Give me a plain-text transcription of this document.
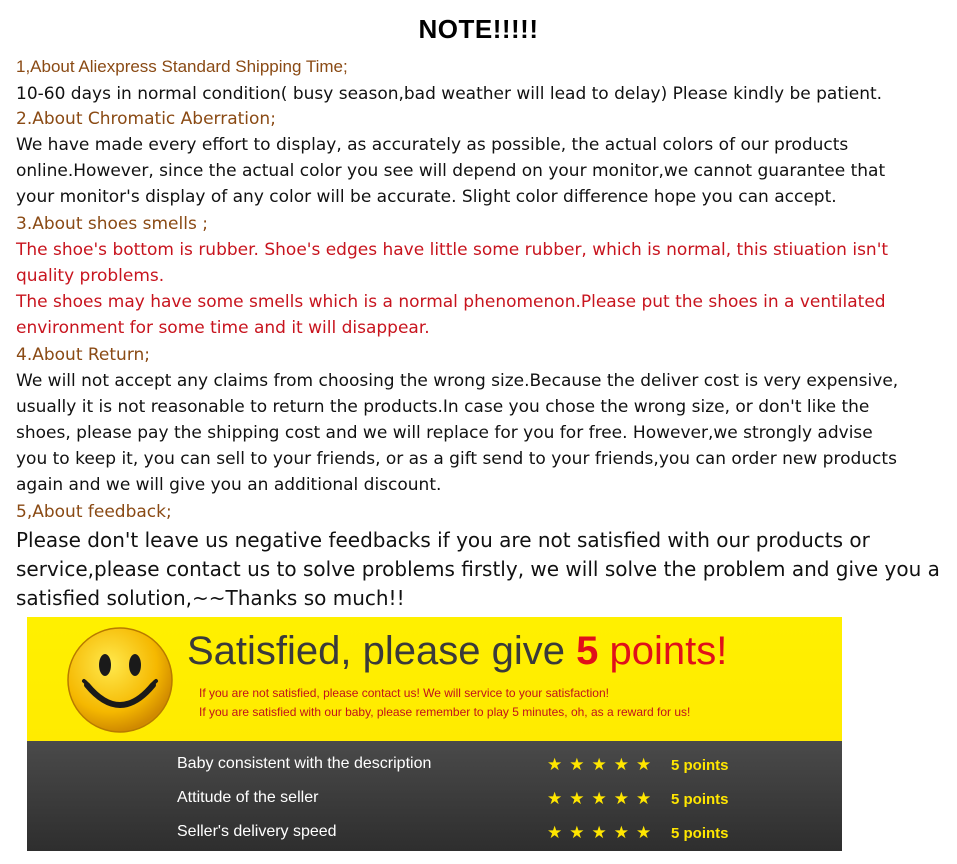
NOTE!!!!!
1,About Aliexpress Standard Shipping Time;
10-60 days in normal condition( busy season,bad weather will lead to delay) Please kindly be patient.
2.About Chromatic Aberration;
We have made every effort to display, as accurately as possible, the actual colors of our products
online.However, since the actual color you see will depend on your monitor,we cannot guarantee that
your monitor's display of any color will be accurate. Slight color difference hope you can accept.
3.About shoes smells ;
The shoe's bottom is rubber. Shoe's edges have little some rubber, which is normal, this stiuation isn't
quality problems.
The shoes may have some smells which is a normal phenomenon.Please put the shoes in a ventilated
environment for some time and it will disappear.
4.About Return;
We will not accept any claims from choosing the wrong size.Because the deliver cost is very expensive,
usually it is not reasonable to return the products.In case you chose the wrong size, or don't like the
shoes, please pay the shipping cost and we will replace for you for free. However,we strongly advise
you to keep it, you can sell to your friends, or as a gift send to your friends,you can order new products
again and we will give you an additional discount.
5,About feedback;
Please don't leave us negative feedbacks if you are not satisfied with our products or
service,please contact us to solve problems firstly, we will solve the problem and give you a
satisfied solution,~~Thanks so much!!
Satisfied, please give 5 points!
If you are not satisfied, please contact us! We will service to your satisfaction!
If you are satisfied with our baby, please remember to play 5 minutes, oh, as a reward for us!
Baby consistent with the description	★★★★★ 5 points
Attitude of the seller	★★★★★ 5 points
Seller's delivery speed	★★★★★ 5 points
